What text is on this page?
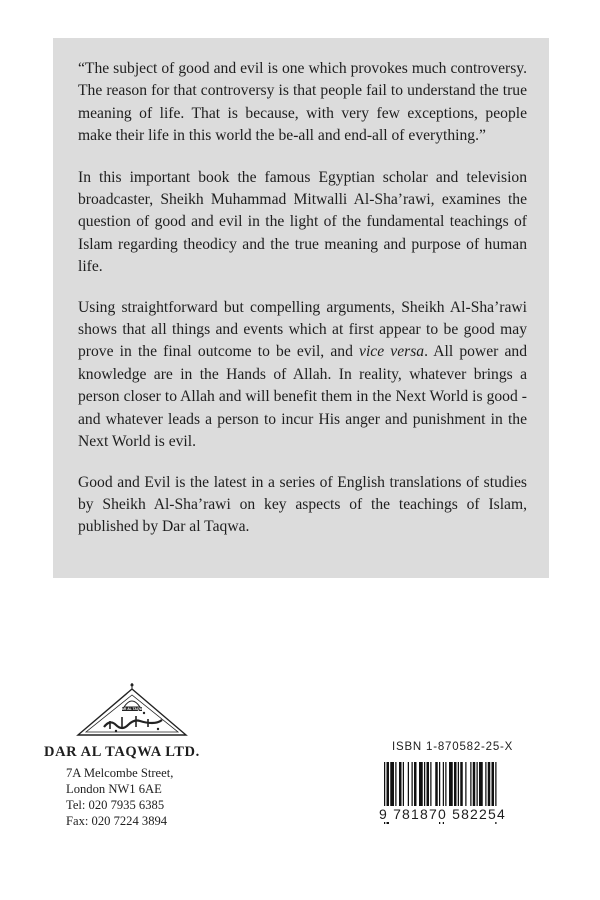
“The subject of good and evil is one which provokes much controversy. The reason for that controversy is that people fail to understand the true meaning of life. That is because, with very few exceptions, people make their life in this world the be-all and end-all of everything.”

In this important book the famous Egyptian scholar and television broadcaster, Sheikh Muhammad Mitwalli Al-Sha’rawi, examines the question of good and evil in the light of the fundamental teachings of Islam regarding theodicy and the true meaning and purpose of human life.

Using straightforward but compelling arguments, Sheikh Al-Sha’rawi shows that all things and events which at first appear to be good may prove in the final outcome to be evil, and vice versa. All power and knowledge are in the Hands of Allah. In reality, whatever brings a person closer to Allah and will benefit them in the Next World is good - and whatever leads a person to incur His anger and punishment in the Next World is evil.

Good and Evil is the latest in a series of English translations of studies by Sheikh Al-Sha’rawi on key aspects of the teachings of Islam, published by Dar al Taqwa.

DAR AL TAQWA
DAR AL TAQWA LTD.
7A Melcombe Street,
London NW1 6AE
Tel: 020 7935 6385
Fax: 020 7224 3894
ISBN 1-870582-25-X
9 781870 582254
